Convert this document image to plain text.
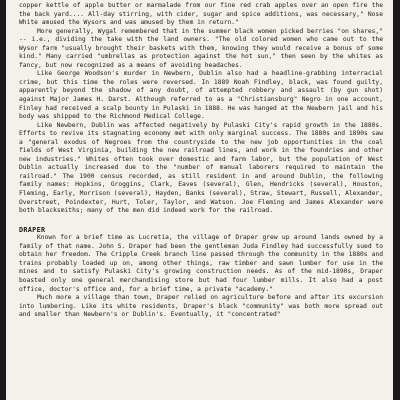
copper kettle of apple butter or marmalade from our fine red crab apples over an open fire the the back yard.... All-day stirring, with cider, sugar and spice additions, was necessary," Nose White amused the Wysors and was amused by them in return."

More generally, Wygal remembered that in the summer black women picked berries "on shares," -- i.e., dividing the take with the land owners. "The old colored women who came out to the Wysor farm "usually brought their baskets with them, knowing they would receive a bonus of some kind." Many carried "umbrellas as protection against the hot sun," then seen by the whites as fancy, but now recognized as a means of avoiding headaches.

Like George Woodson's murder in Newbern, Dublin also had a headline-grabbing interracial crime, but this time the roles were reversed. In 1889 Noah Findley, black, was found guilty, apparently beyond the shadow of any doubt, of attempted robbery and assault (by gun shot) against Major James H. Darst. Although referred to as a "Christiansburg" Negro in one account, Finley had received a scalp bounty in Pulaski in 1888. He was hanged at the Newbern jail and his body was shipped to the Richmond Medical College.

Like Newbern, Dublin was affected negatively by Pulaski City's rapid growth in the 1880s. Efforts to revive its stagnating economy met with only marginal success. The 1880s and 1890s saw a "general exodus of Negroes from the countryside to the new job opportunities in the coal fields of West Virginia, building the new railroad lines, and work in the foundries and other new industries." Whites often took over domestic and farm labor, but the population of West Dublin actually increased due to the "number of manual laborers required to maintain the railroad." The 1900 census recorded, as still resident in and around Dublin, the following family names: Hopkins, Groggins, Clark, Eaves (several), Glen, Hendricks (several), Houston, Fleming, Early, Morrison (several), Hayden, Banks (several), Straw, Stewart, Russell, Alexander, Overstreet, Poindexter, Hurt, Toler, Taylor, and Watson. Joe Fleming and James Alexander were both blacksmiths; many of the men did indeed work for the railroad.

DRAPER

Known for a brief time as Lucretia, the village of Draper grew up around lands owned by a family of that name. John S. Draper had been the gentleman Juda Findley had successfully sued to obtain her freedom. The Cripple Creek branch line passed through the community in the 1880s and trains probably loaded up on, among other things, raw timber and sawn lumber for use in the mines and to satisfy Pulaski City's growing construction needs. As of the mid-1890s, Draper boasted only one general merchandising store but had four lumber mills. It also had a post office, doctor's office and, for a brief time, a private "academy."

Much more a village than town, Draper relied on agriculture before and after its excursion into lumbering. Like its white residents, Draper's black "community" was both more spread out and smaller than Newbern's or Dublin's. Eventually, it "concentrated"
